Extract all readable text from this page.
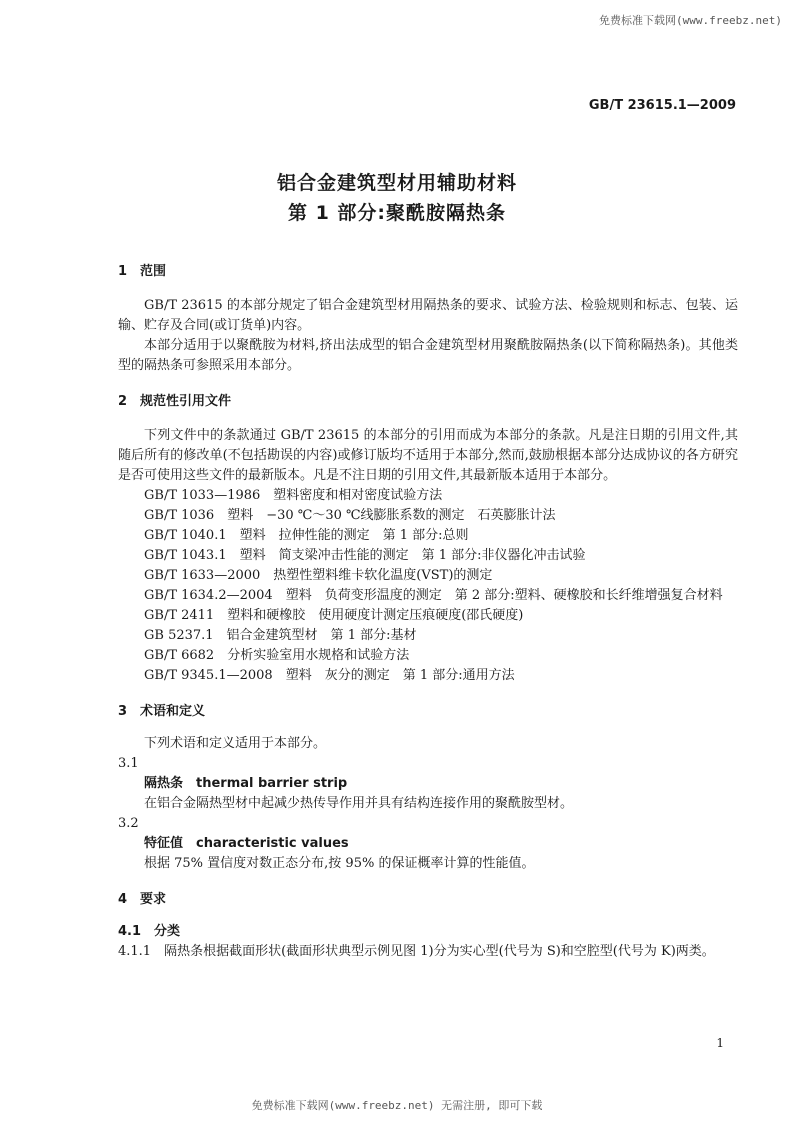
免费标准下载网(www.freebz.net)
GB/T 23615.1—2009
铝合金建筑型材用辅助材料
第 1 部分:聚酰胺隔热条

1 范围

GB/T 23615 的本部分规定了铝合金建筑型材用隔热条的要求、试验方法、检验规则和标志、包装、运输、贮存及合同(或订货单)内容。

本部分适用于以聚酰胺为材料,挤出法成型的铝合金建筑型材用聚酰胺隔热条(以下简称隔热条)。其他类型的隔热条可参照采用本部分。

2 规范性引用文件

下列文件中的条款通过 GB/T 23615 的本部分的引用而成为本部分的条款。凡是注日期的引用文件,其随后所有的修改单(不包括勘误的内容)或修订版均不适用于本部分,然而,鼓励根据本部分达成协议的各方研究是否可使用这些文件的最新版本。凡是不注日期的引用文件,其最新版本适用于本部分。

GB/T 1033—1986　塑料密度和相对密度试验方法

GB/T 1036　塑料　−30 ℃～30 ℃线膨胀系数的测定　石英膨胀计法

GB/T 1040.1　塑料　拉伸性能的测定　第 1 部分:总则

GB/T 1043.1　塑料　简支梁冲击性能的测定　第 1 部分:非仪器化冲击试验

GB/T 1633—2000　热塑性塑料维卡软化温度(VST)的测定

GB/T 1634.2—2004　塑料　负荷变形温度的测定　第 2 部分:塑料、硬橡胶和长纤维增强复合材料

GB/T 2411　塑料和硬橡胶　使用硬度计测定压痕硬度(邵氏硬度)

GB 5237.1　铝合金建筑型材　第 1 部分:基材

GB/T 6682　分析实验室用水规格和试验方法

GB/T 9345.1—2008　塑料　灰分的测定　第 1 部分:通用方法

3 术语和定义

下列术语和定义适用于本部分。

3.1

隔热条　thermal barrier strip

在铝合金隔热型材中起减少热传导作用并具有结构连接作用的聚酰胺型材。

3.2

特征值　characteristic values

根据 75% 置信度对数正态分布,按 95% 的保证概率计算的性能值。

4 要求

4.1　分类

4.1.1　隔热条根据截面形状(截面形状典型示例见图 1)分为实心型(代号为 S)和空腔型(代号为 K)两类。

1
免费标准下载网(www.freebz.net) 无需注册, 即可下载
